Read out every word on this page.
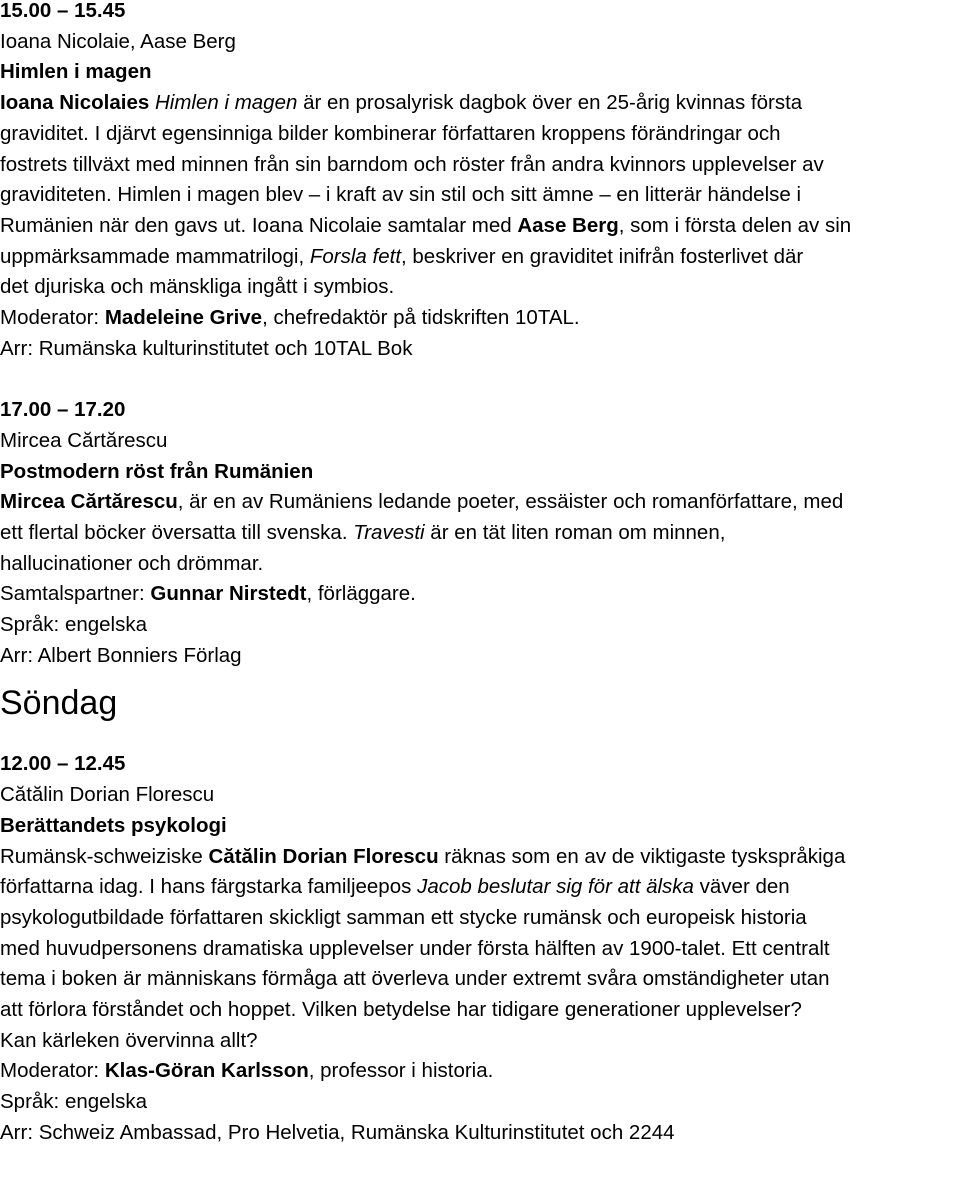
15.00 – 15.45
Ioana Nicolaie, Aase Berg
Himlen i magen
Ioana Nicolaies Himlen i magen är en prosalyrisk dagbok över en 25-årig kvinnas första
graviditet. I djärvt egensinniga bilder kombinerar författaren kroppens förändringar och
fostrets tillväxt med minnen från sin barndom och röster från andra kvinnors upplevelser av
graviditeten. Himlen i magen blev – i kraft av sin stil och sitt ämne – en litterär händelse i
Rumänien när den gavs ut. Ioana Nicolaie samtalar med Aase Berg, som i första delen av sin
uppmärksammade mammatrilogi, Forsla fett, beskriver en graviditet inifrån fosterlivet där
det djuriska och mänskliga ingått i symbios.
Moderator: Madeleine Grive, chefredaktör på tidskriften 10TAL.
Arr: Rumänska kulturinstitutet och 10TAL Bok
17.00 – 17.20
Mircea Cărtărescu
Postmodern röst från Rumänien
Mircea Cărtărescu, är en av Rumäniens ledande poeter, essäister och romanförfattare, med
ett flertal böcker översatta till svenska. Travesti är en tät liten roman om minnen,
hallucinationer och drömmar.
Samtalspartner: Gunnar Nirstedt, förläggare.
Språk: engelska
Arr: Albert Bonniers Förlag
Söndag
12.00 – 12.45
Cătălin Dorian Florescu
Berättandets psykologi
Rumänsk-schweiziske Cătălin Dorian Florescu räknas som en av de viktigaste tyskspråkiga
författarna idag. I hans färgstarka familjeepos Jacob beslutar sig för att älska väver den
psykologutbildade författaren skickligt samman ett stycke rumänsk och europeisk historia
med huvudpersonens dramatiska upplevelser under första hälften av 1900-talet. Ett centralt
tema i boken är människans förmåga att överleva under extremt svåra omständigheter utan
att förlora förståndet och hoppet. Vilken betydelse har tidigare generationer upplevelser?
Kan kärleken övervinna allt?
Moderator: Klas-Göran Karlsson, professor i historia.
Språk: engelska
Arr: Schweiz Ambassad, Pro Helvetia, Rumänska Kulturinstitutet och 2244
